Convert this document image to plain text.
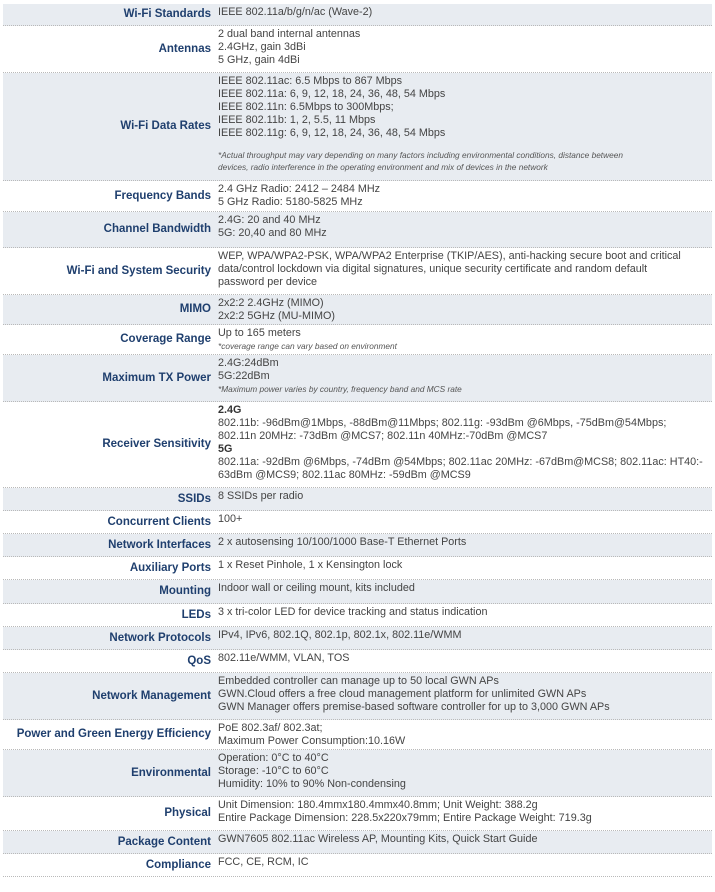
Wi-Fi Standards IEEE 802.11a/b/g/n/ac (Wave-2)
Antennas
2 dual band internal antennas
2.4GHz, gain 3dBi
5 GHz, gain 4dBi
Wi-Fi Data Rates
IEEE 802.11ac: 6.5 Mbps to 867 Mbps
IEEE 802.11a: 6, 9, 12, 18, 24, 36, 48, 54 Mbps
IEEE 802.11n: 6.5Mbps to 300Mbps;
IEEE 802.11b: 1, 2, 5.5, 11 Mbps
IEEE 802.11g: 6, 9, 12, 18, 24, 36, 48, 54 Mbps
*Actual throughput may vary depending on many factors including environmental conditions, distance between
devices, radio interference in the operating environment and mix of devices in the network
Frequency Bands
2.4 GHz Radio: 2412 – 2484 MHz
5 GHz Radio: 5180-5825 MHz
Channel Bandwidth
2.4G: 20 and 40 MHz
5G: 20,40 and 80 MHz
Wi-Fi and System Security
WEP, WPA/WPA2-PSK, WPA/WPA2 Enterprise (TKIP/AES), anti-hacking secure boot and critical
data/control lockdown via digital signatures, unique security certificate and random default
password per device
MIMO 2x2:2 2.4GHz (MIMO)
2x2:2 5GHz (MU-MIMO)
Coverage Range Up to 165 meters
*coverage range can vary based on environment
Maximum TX Power
2.4G:24dBm
5G:22dBm
*Maximum power varies by country, frequency band and MCS rate
Receiver Sensitivity
2.4G
802.11b: -96dBm@1Mbps, -88dBm@11Mbps; 802.11g: -93dBm @6Mbps, -75dBm@54Mbps;
802.11n 20MHz: -73dBm @MCS7; 802.11n 40MHz:-70dBm @MCS7
5G
802.11a: -92dBm @6Mbps, -74dBm @54Mbps; 802.11ac 20MHz: -67dBm@MCS8; 802.11ac: HT40:-
63dBm @MCS9; 802.11ac 80MHz: -59dBm @MCS9
SSIDs 8 SSIDs per radio
Concurrent Clients 100+
Network Interfaces 2 x autosensing 10/100/1000 Base-T Ethernet Ports
Auxiliary Ports 1 x Reset Pinhole, 1 x Kensington lock
Mounting Indoor wall or ceiling mount, kits included
LEDs 3 x tri-color LED for device tracking and status indication
Network Protocols IPv4, IPv6, 802.1Q, 802.1p, 802.1x, 802.11e/WMM
QoS 802.11e/WMM, VLAN, TOS
Network Management
Embedded controller can manage up to 50 local GWN APs
GWN.Cloud offers a free cloud management platform for unlimited GWN APs
GWN Manager offers premise-based software controller for up to 3,000 GWN APs
Power and Green Energy Efficiency PoE 802.3af/ 802.3at;
Maximum Power Consumption:10.16W
Environmental
Operation: 0°C to 40°C
Storage: -10°C to 60°C
Humidity: 10% to 90% Non-condensing
Physical
Unit Dimension: 180.4mmx180.4mmx40.8mm; Unit Weight: 388.2g
Entire Package Dimension: 228.5x220x79mm; Entire Package Weight: 719.3g
Package Content GWN7605 802.11ac Wireless AP, Mounting Kits, Quick Start Guide
Compliance FCC, CE, RCM, IC
